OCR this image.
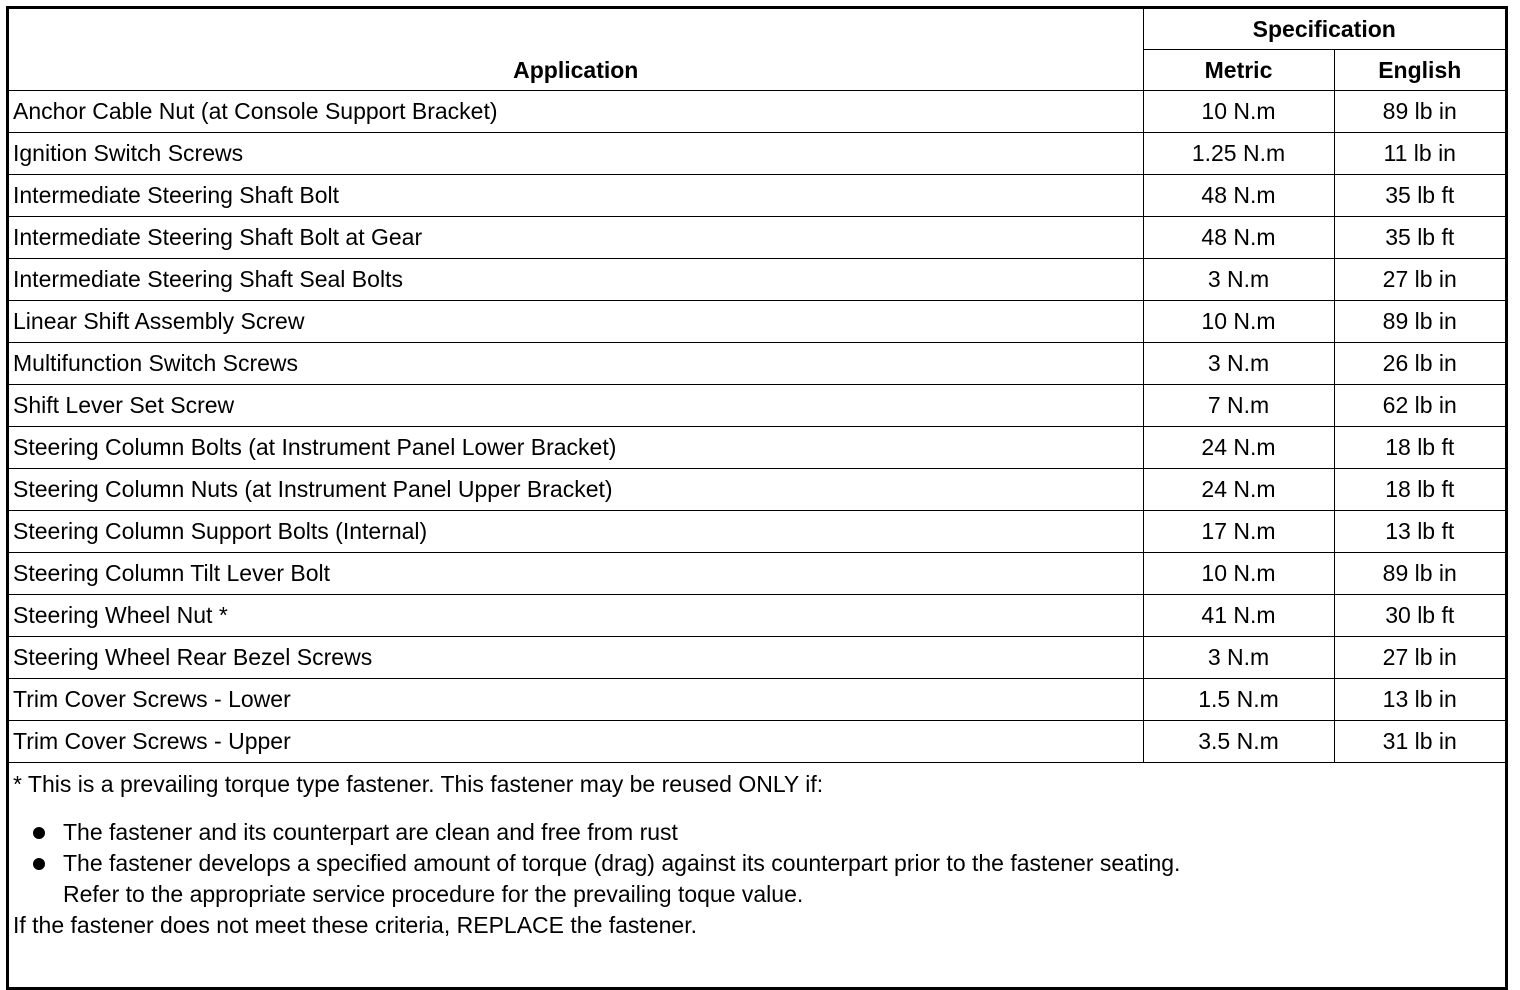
Application	Specification	
	Metric	English
Anchor Cable Nut (at Console Support Bracket)	10 N.m	89 lb in
Ignition Switch Screws	1.25 N.m	11 lb in
Intermediate Steering Shaft Bolt	48 N.m	35 lb ft
Intermediate Steering Shaft Bolt at Gear	48 N.m	35 lb ft
Intermediate Steering Shaft Seal Bolts	3 N.m	27 lb in
Linear Shift Assembly Screw	10 N.m	89 lb in
Multifunction Switch Screws	3 N.m	26 lb in
Shift Lever Set Screw	7 N.m	62 lb in
Steering Column Bolts (at Instrument Panel Lower Bracket)	24 N.m	18 lb ft
Steering Column Nuts (at Instrument Panel Upper Bracket)	24 N.m	18 lb ft
Steering Column Support Bolts (Internal)	17 N.m	13 lb ft
Steering Column Tilt Lever Bolt	10 N.m	89 lb in
Steering Wheel Nut *	41 N.m	30 lb ft
Steering Wheel Rear Bezel Screws	3 N.m	27 lb in
Trim Cover Screws - Lower	1.5 N.m	13 lb in
Trim Cover Screws - Upper	3.5 N.m	31 lb in

* This is a prevailing torque type fastener. This fastener may be reused ONLY if:

The fastener and its counterpart are clean and free from rust
The fastener develops a specified amount of torque (drag) against its counterpart prior to the fastener seating.
Refer to the appropriate service procedure for the prevailing toque value.

If the fastener does not meet these criteria, REPLACE the fastener.
